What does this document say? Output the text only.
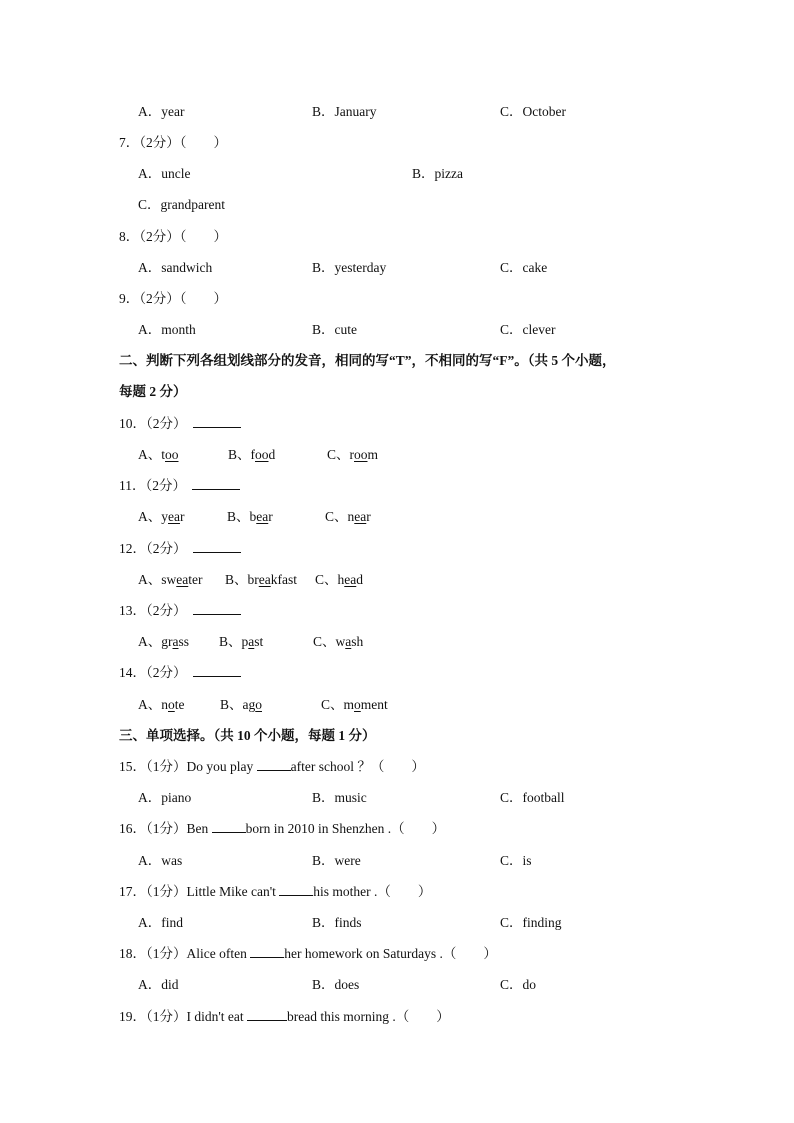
A．year	B．January	C．October
7．（2分）（　　）
A．uncle	B．pizza
C．grandparent
8．（2分）（　　）
A．sandwich	B．yesterday	C．cake
9．（2分）（　　）
A．month	B．cute	C．clever
二、判断下列各组划线部分的发音，相同的写“T”，不相同的写“F”。（共 5 个小题，
每题 2 分）
10．（2分）
A、too	B、food	C、room
11．（2分）
A、year	B、bear	C、near
12．（2分）
A、sweater B、breakfast C、head
13．（2分）
A、grass B、past	C、wash
14．（2分）
A、note	B、ago	C、moment
三、单项选择。（共 10 个小题，每题 1 分）
15．（1分）Do you play	after school ？（　　）
A．piano	B．music	C．football
16．（1分）Ben	born in 2010 in Shenzhen .（　　）
A．was	B．were	C．is
17．（1分）Little Mike can't	his mother .（　　）
A．find	B．finds	C．finding
18．（1分）Alice often	her homework on Saturdays .（　　）
A．did	B．does	C．do
19．（1分）I didn't eat	bread this morning .（　　）
